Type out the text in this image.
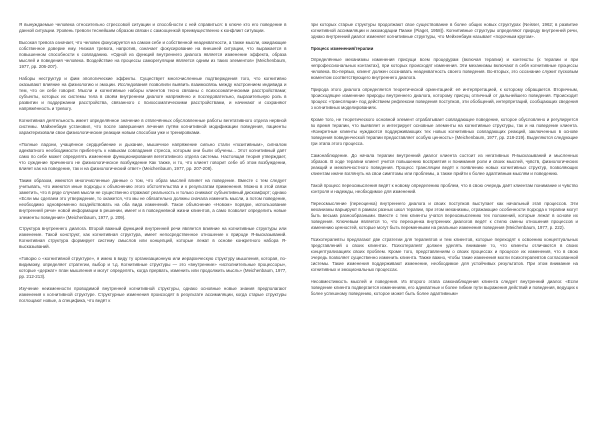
Я вынуждаемые человека относительно стрессовой ситуации и способности с ней справиться: в ключе кто его поведение в данной ситуации. Уровень тревоги теснейшим образом связан с самооценкой преимущественно к конфликт ситуации.

Высокая тревога означает, что человек фокусируется на самом себе и собственной неадекватности, а также мысли, ожидающие собственное доверие ему. Низкая тревога, напротив, означает фокусирование на внешней ситуации, что выражается в повышенном способности к совладанию. «Одной из функций внутреннего диалога является изменение эффекта, образа мыслей и поведения человека. Воздействие на процессы саморегуляции является одним из таких элементов» (Meichenbaum, 1977, pp. 206-207).

Наборы неструктур и фим эпологические эффекты. Существует многочисленные подтверждения того, что когнитивно оказывают влияние на физиологию и эмоции. Исследования позволили выявить взаимосвязь между настроением индивида и тем, что он себе говорит. Мысли и когнитивные наборы клиентов тесно связаны с психосоматическими расстройствами; субъекты, которых их системы тела в своём внутреннем диалоге напряжённо и последовательно, выразительную роль в развитии и поддержании расстройства, связанного с психосоматическими расстройствами, и начинают и сохраняют напряжённость и тревогу.

Когнитивная деятельность имеет определённое значение в отвлечённых обусловленные работы вегетативного отдела нервной системы. Майхенбаум установил, что после завершения лечения путём когнитивной модификации поведения, пациенты характеризовали свои физиологические реакции новым способом уже и тренировками.

«Полные ладони, учащённое сердцебиение и дыхание, мышечное напряжение сильно стали «позитивным», сигналом адекватного необходимости прибегнуть к навыкам совладания стресса, которым они были обучены... Этот когнитивный даёт само по себе может определять изменение функционирования вегетативного отдела системы. Настоящая теория утверждает, что суждение причинного не физиологическое возбуждение Как также, и то, что клиент говорит себе об этом возбуждении, влияет как на поведение, так и на физиологический ответ» (Meichenbaum, 1977, pp. 207-208).

Таким образом, имеются многочисленные данные о том, что образ мыслей влияет на поведение. Вместе с тем следует учитывать, что имеются иные подходы к объяснению этого обстоятельства и к результатам применения. Можно в этой связи заметить, что в ряде случаев мысли не существенно отражают реальность и только снижают субъективный дискомфорт; однако «Если мы сделаем это утверждение, то окажется, что мы не обязательно должны сначала изменить мысли, а потом поведение, необходимо одновременно воздействовать на оба вида изменений. Такое объяснение «Новом» порядке, использование внутренней речи» новой информации в решении, имеет и в повседневной жизни клиентов, а само позволит определить новые элементы поведения» (Meichenbaum, 1977, p. 209).

Структура внутреннего диалога. Второй важный функцией внутренней речи является влияние на когнитивные структуры или изменение. Такой конструкт, как когнитивная структура, имеет непосредственное отношение к природе Я-высказываний. Когнитивная структура формирует систему смыслов или концепций, которые лежат в основе конкретного набора Я-высказываний.

«Говорю о «когнитивной структуре», я имею в виду ту организационную или иерархическую структуру мышления, которая, по-видимому, определяет стратегии, выбор и т.д. Когнитивные структуры — это «внутренние» «исполнительные процессоры», которые «держат» план мышления и могут определять, когда прервать, изменить или продолжить мысль» (Meichenbaum, 1977, pp. 212-213).

Изучение неизменности проводимой внутренней когнитивной структуры, однако основные новые знания предполагают изменения к когнитивной структуре. Структурные изменения происходят в результате ассимиляции, когда старые структуры поглощают новые, а специфика, что ведёт к

при которых старые структуры продолжают свое существование в более общих новых структурах (Neisser, 1962; в развитие когнитивной ассимиляции и аккомодации Пиаже (Piaget, 1958)). Когнитивные структуры определяют природу внутренней речи, однако внутренний диалог изменяет когнитивные структуры, что Мейхенбаум называет «порочным кругом».

Процесс изменения/терапии

Определённые механизмы изменения присущи всем процедурам (включая терапии) и контексты (к терапии и при непрофессиональных контактах), при которых происходят изменения. Эти механизмы включают в себя когнитивные процессы человека. Во-первых, клиент должен осознавать неадекватность своего поведения. Во-вторых, это осознание служит пусковым моментом соответствующего внутреннего диалога.

Природа этого диалога определяется теоретической ориентацией: её интерпретацией, к которому обращается. Вторичным, происходящее изменение природы внутреннего диалога, которому присущ отличный от дальнейшего поведения. Происходит процесс «трансляции» под действием рефлексии поведения поступков, эти обобщений, интерпретаций, сообщающих сведения о когнитивных моделированиях.

Кроме того, не теоретического основной элемент отрабатывает совладающее поведение, которое обусловлено и регулируется во время терапии, что выявляет и интегрирует основные элементы на когнитивные структуры, так и на поведение клиента. «Конкретные клиенты нуждаются поддерживающих тех новых когнитивных совладающих реакций, заключенных в основе поведения поведенческой терапии предоставляет особую ценность» (Meichenbaum, 1977, pp. 218-219). Выделяются следующие три этапа этого процесса.

Самонаблюдение. До начала терапии внутренний диалог клиента состоит из негативных Я-высказываний и мысленных образов. В ходе терапии клиент учится повышению восприятия и понимания роли и своих мыслей, чувств, физиологических реакций и межличностного поведения. Процесс трансляции ведёт к появлению новых когнитивных структур, позволяющих клиентам иначе взглянуть на свои симптомы или проблемы, а также прийти к более адаптивным мыслям и поведению.

Такой процесс переосмысления ведёт к новому определению проблем, что в свою очередь даёт клиентам понимание и чувство контроля и надежды, необходимое для изменений.

Переосмысление (переоценка) внутреннего диалога и своих поступков выступает как начальный этап процессов. Эти механизмы варьируют в рамках разных школ терапии, при этом механизмы, отражающие особенности подхода к терапии могут быть весьма разнообразными. Вместе с тем клиенты учатся переосмыслению тех положений, которые лежат в основе их поведения. Ключевым является то, что переоценка внутренних диалогов ведёт к стилю смены отношения процессов и изменению ценностей, которые могут быть переменными на реальные изменения поведения (Meichenbaum, 1977, p. 222).

Психотерапевты предлагают две стратегии для терапевтов и тем клиентов, которые переходят к освоению концептуальных представлений о своих клиентах. Психотерапевт должен уделять внимание то, что клиенты отличаются в своих концептуализациях своих проблем. Кроме того, представлениям о своих процессах и процессе их изменения, что в свою очередь позволяет существенно изменить клиента. Также важно, чтобы такие изменения могли психотерапевтов согласованной системы. Такие изменения поддерживают изменение, необходимое для устойчивых результатов. При этом внимание на когнитивных и эмоциональных процессах.

Несовместимость мыслей и поведения. Из второго этапа самонаблюдения клиента следует внутренний диалог. «Если поведение клиента подвергается изменениям, его адекватные и более гибкие пути выражения действий и поведения, ведущих к более успешному поведению, которое может быть более адаптивным»
